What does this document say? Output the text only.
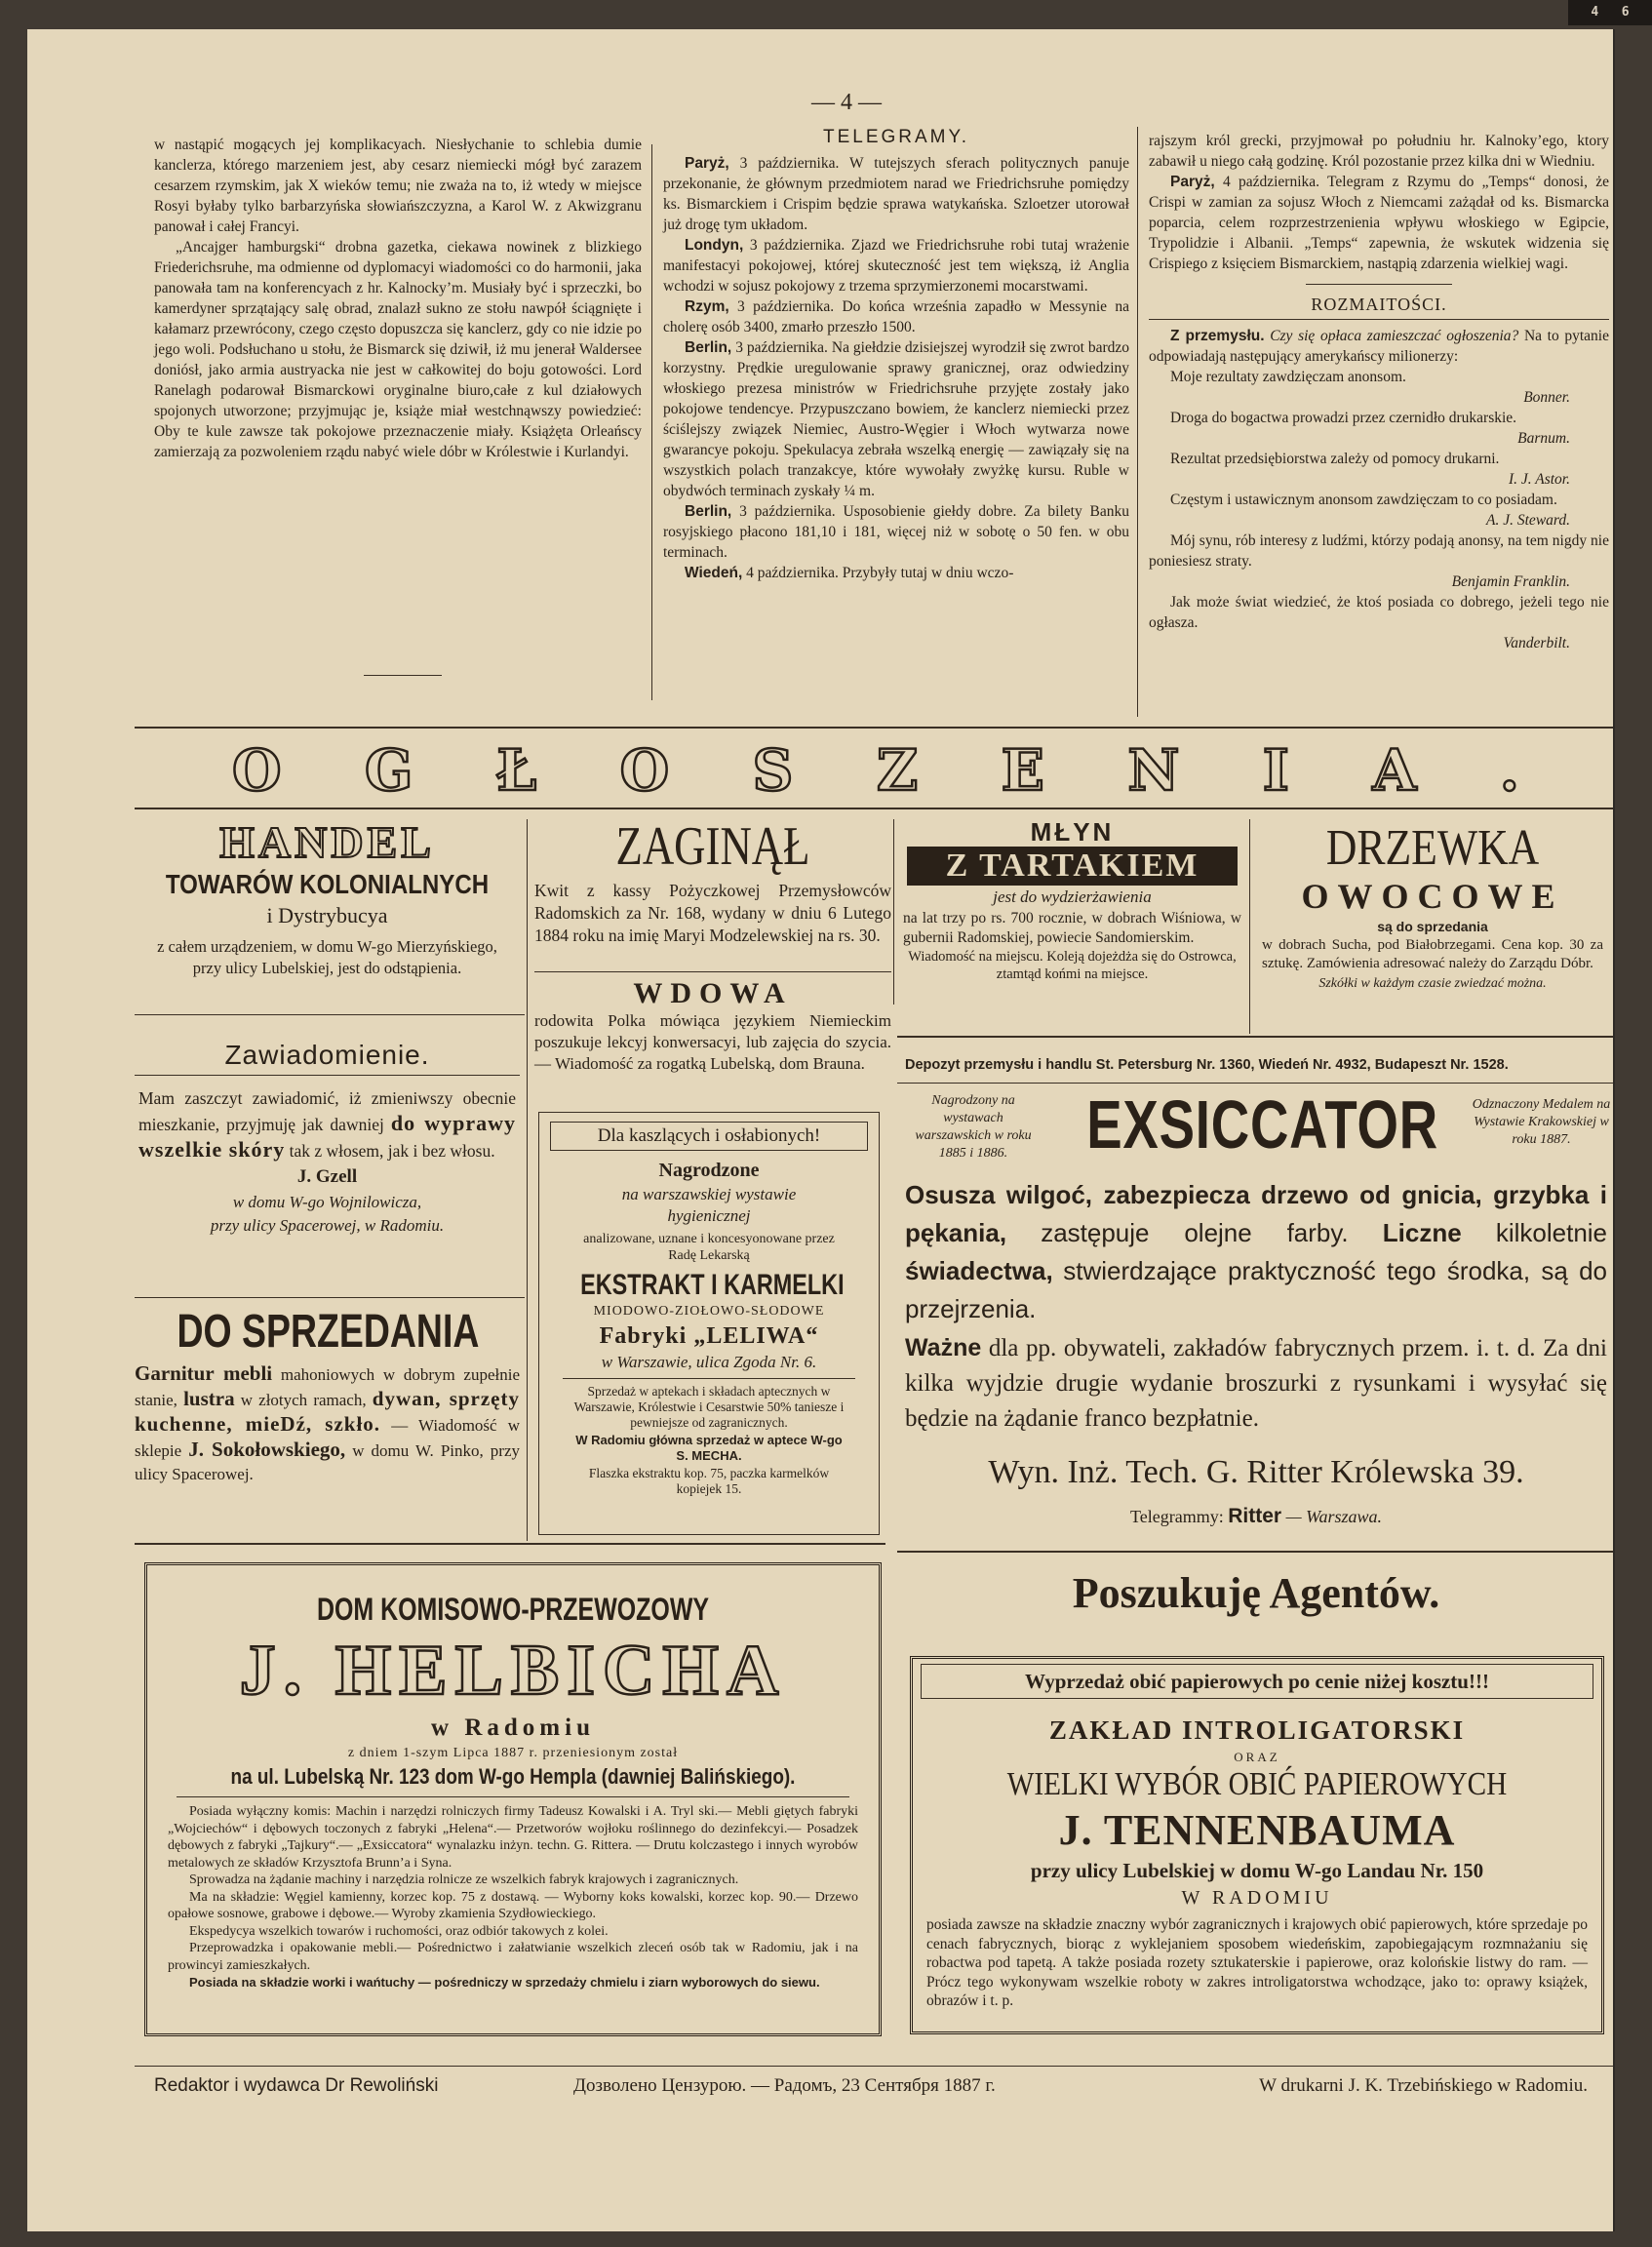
4   6
— 4 —

w nastąpić mogących jej komplikacyach. Niesłychanie to schlebia dumie kanclerza, którego marzeniem jest, aby cesarz niemiecki mógł być zarazem cesarzem rzymskim, jak X wieków temu; nie zważa na to, iż wtedy w miejsce Rosyi byłaby tylko barbarzyńska słowiańszczyzna, a Karol W. z Akwizgranu panował i całej Francyi.

„Ancajger hamburgski“ drobna gazetka, ciekawa nowinek z blizkiego Friederichsruhe, ma odmienne od dyplomacyi wiadomości co do harmonii, jaka panowała tam na konferencyach z hr. Kalnocky’m. Musiały być i sprzeczki, bo kamerdyner sprzątający salę obrad, znalazł sukno ze stołu nawpół ściągnięte i kałamarz przewrócony, czego często dopuszcza się kanclerz, gdy co nie idzie po jego woli. Podsłuchano u stołu, że Bismarck się dziwił, iż mu jenerał Waldersee doniósł, jako armia austryacka nie jest w całkowitej do boju gotowości. Lord Ranelagh podarował Bismarckowi oryginalne biuro,całe z kul działowych spojonych utworzone; przyjmując je, książe miał westchnąwszy powiedzieć: Oby te kule zawsze tak pokojowe przeznaczenie miały. Książęta Orleańscy zamierzają za pozwoleniem rządu nabyć wiele dóbr w Królestwie i Kurlandyi.

TELEGRAMY.

Paryż, 3 października. W tutejszych sferach politycznych panuje przekonanie, że głównym przedmiotem narad we Friedrichsruhe pomiędzy ks. Bismarckiem i Crispim będzie sprawa watykańska. Szloetzer utorował już drogę tym układom.

Londyn, 3 października. Zjazd we Friedrichsruhe robi tutaj wrażenie manifestacyi pokojowej, której skuteczność jest tem większą, iż Anglia wchodzi w sojusz pokojowy z trzema sprzymierzonemi mocarstwami.

Rzym, 3 października. Do końca września zapadło w Messynie na cholerę osób 3400, zmarło przeszło 1500.

Berlin, 3 października. Na giełdzie dzisiejszej wyrodził się zwrot bardzo korzystny. Prędkie uregulowanie sprawy granicznej, oraz odwiedziny włoskiego prezesa ministrów w Friedrichsruhe przyjęte zostały jako pokojowe tendencye. Przypuszczano bowiem, że kanclerz niemiecki przez ściślejszy związek Niemiec, Austro-Węgier i Włoch wytwarza nowe gwarancye pokoju. Spekulacya zebrała wszelką energię — zawiązały się na wszystkich polach tranzakcye, które wywołały zwyżkę kursu. Ruble w obydwóch terminach zyskały ¼ m.

Berlin, 3 października. Usposobienie giełdy dobre. Za bilety Banku rosyjskiego płacono 181,10 i 181, więcej niż w sobotę o 50 fen. w obu terminach.

Wiedeń, 4 października. Przybyły tutaj w dniu wczo-

rajszym król grecki, przyjmował po południu hr. Kalnoky’ego, ktory zabawił u niego całą godzinę. Król pozostanie przez kilka dni w Wiedniu.

Paryż, 4 października. Telegram z Rzymu do „Temps“ donosi, że Crispi w zamian za sojusz Włoch z Niemcami zażądał od ks. Bismarcka poparcia, celem rozprzestrzenienia wpływu włoskiego w Egipcie, Trypolidzie i Albanii. „Temps“ zapewnia, że wskutek widzenia się Crispiego z księciem Bismarckiem, nastąpią zdarzenia wielkiej wagi.

ROZMAITOŚCI.

Z przemysłu. Czy się opłaca zamieszczać ogłoszenia? Na to pytanie odpowiadają następujący amerykańscy milionerzy:

Moje rezultaty zawdzięczam anonsom.

Bonner.

Droga do bogactwa prowadzi przez czernidło drukarskie.

Barnum.

Rezultat przedsiębiorstwa zależy od pomocy drukarni.

I. J. Astor.

Częstym i ustawicznym anonsom zawdzięczam to co posiadam.

A. J. Steward.

Mój synu, rób interesy z ludźmi, którzy podają anonsy, na tem nigdy nie poniesiesz straty.

Benjamin Franklin.

Jak może świat wiedzieć, że ktoś posiada co dobrego, jeżeli tego nie ogłasza.

Vanderbilt.

O G Ł O S Z E N I A .
HANDEL
TOWARÓW KOLONIALNYCH
i Dystrybucya
z całem urządzeniem, w domu W-go Mierzyńskiego, przy ulicy Lubelskiej, jest do odstąpienia.
ZAGINĄŁ
Kwit z kassy Pożyczkowej Przemysłowców Radomskich za Nr. 168, wydany w dniu 6 Lutego 1884 roku na imię Maryi Modzelewskiej na rs. 30.
WDOWA
rodowita Polka mówiąca językiem Niemieckim poszukuje lekcyj konwersacyi, lub zajęcia do szycia. — Wiadomość za rogatką Lubelską, dom Brauna.
MŁYN
Z TARTAKIEM
jest do wydzierżawienia
na lat trzy po rs. 700 rocznie, w dobrach Wiśniowa, w gubernii Radomskiej, powiecie Sandomierskim.
Wiadomość na miejscu. Koleją dojeżdża się do Ostrowca, ztamtąd końmi na miejsce.
DRZEWKA
OWOCOWE
są do sprzedania
w dobrach Sucha, pod Białobrzegami. Cena kop. 30 za sztukę. Zamówienia adresować należy do Zarządu Dóbr.
Szkółki w każdym czasie zwiedzać można.
Zawiadomienie.
Mam zaszczyt zawiadomić, iż zmieniwszy obecnie mieszkanie, przyjmuję jak dawniej do wyprawy wszelkie skóry tak z włosem, jak i bez włosu.
J. Gzell
w domu W-go Wojnilowicza,
przy ulicy Spacerowej, w Radomiu.
DO SPRZEDANIA
Garnitur mebli mahoniowych w dobrym zupełnie stanie, lustra w złotych ramach, dywan, sprzęty kuchenne, mieDź, szkło. — Wiadomość w sklepie J. Sokołowskiego, w domu W. Pinko, przy ulicy Spacerowej.
Dla kaszlących i osłabionych!
Nagrodzone
na warszawskiej wystawie
hygienicznej
analizowane, uznane i koncesyonowane przez Radę Lekarską
EKSTRAKT I KARMELKI
MIODOWO-ZIOŁOWO-SŁODOWE
Fabryki „LELIWA“
w Warszawie, ulica Zgoda Nr. 6.
Sprzedaż w aptekach i składach aptecznych w Warszawie, Królestwie i Cesarstwie 50% taniesze i pewniejsze od zagranicznych.
W Radomiu główna sprzedaż w aptece W-go S. MECHA.
Flaszka ekstraktu kop. 75, paczka karmelków kopiejek 15.
Depozyt przemysłu i handlu St. Petersburg Nr. 1360, Wiedeń Nr. 4932, Budapeszt Nr. 1528.
Nagrodzony na wystawach warszawskich w roku 1885 i 1886.	EXSICCATOR Odznaczony Medalem na Wystawie Krakowskiej w roku 1887.
Osusza wilgoć, zabezpiecza drzewo od gnicia, grzybka i pękania, zastępuje olejne farby. Liczne kilkoletnie świadectwa, stwierdzające praktyczność tego środka, są do przejrzenia.
Ważne dla pp. obywateli, zakładów fabrycznych przem. i. t. d. Za dni kilka wyjdzie drugie wydanie broszurki z rysunkami i wysyłać się będzie na żądanie franco bezpłatnie.
Wyn. Inż. Tech. G. Ritter Królewska 39.
Telegrammy: Ritter — Warszawa.
Poszukuję Agentów.
DOM KOMISOWO-PRZEWOZOWY
J. HELBICHA
w Radomiu
z dniem 1-szym Lipca 1887 r. przeniesionym został
na ul. Lubelską Nr. 123 dom W-go Hempla (dawniej Balińskiego).

Posiada wyłączny komis: Machin i narzędzi rolniczych firmy Tadeusz Kowalski i A. Tryl ski.— Mebli giętych fabryki „Wojciechów“ i dębowych toczonych z fabryki „Helena“.— Przetworów wojłoku roślinnego do dezinfekcyi.— Posadzek dębowych z fabryki „Tajkury“.— „Exsiccatora“ wynalazku inżyn. techn. G. Rittera. — Drutu kolczastego i innych wyrobów metalowych ze składów Krzysztofa Brunn’a i Syna.

Sprowadza na żądanie machiny i narzędzia rolnicze ze wszelkich fabryk krajowych i zagranicznych.

Ma na składzie: Węgiel kamienny, korzec kop. 75 z dostawą. — Wyborny koks kowalski, korzec kop. 90.— Drzewo opałowe sosnowe, grabowe i dębowe.— Wyroby zkamienia Szydłowieckiego.

Ekspedycya wszelkich towarów i ruchomości, oraz odbiór takowych z kolei.

Przeprowadzka i opakowanie mebli.— Pośrednictwo i załatwianie wszelkich zleceń osób tak w Radomiu, jak i na prowincyi zamieszkałych.

Posiada na składzie worki i wańtuchy — pośredniczy w sprzedaży chmielu i ziarn wyborowych do siewu.

Wyprzedaż obić papierowych po cenie niżej kosztu!!!
ZAKŁAD INTROLIGATORSKI
ORAZ
WIELKI WYBÓR OBIĆ PAPIEROWYCH
J. TENNENBAUMA
przy ulicy Lubelskiej w domu W-go Landau Nr. 150
W RADOMIU
posiada zawsze na składzie znaczny wybór zagranicznych i krajowych obić papierowych, które sprzedaje po cenach fabrycznych, biorąc z wyklejaniem sposobem wiedeńskim, zapobiegającym rozmnażaniu się robactwa pod tapetą. A także posiada rozety sztukaterskie i papierowe, oraz kolońskie listwy do ram. — Prócz tego wykonywam wszelkie roboty w zakres introligatorstwa wchodzące, jako to: oprawy książek, obrazów i t. p.
Redaktor i wydawca Dr Rewoliński	Дозволено Цензурою. — Радомъ, 23 Сентября 1887 г.	W drukarni J. K. Trzebińskiego w Radomiu.
